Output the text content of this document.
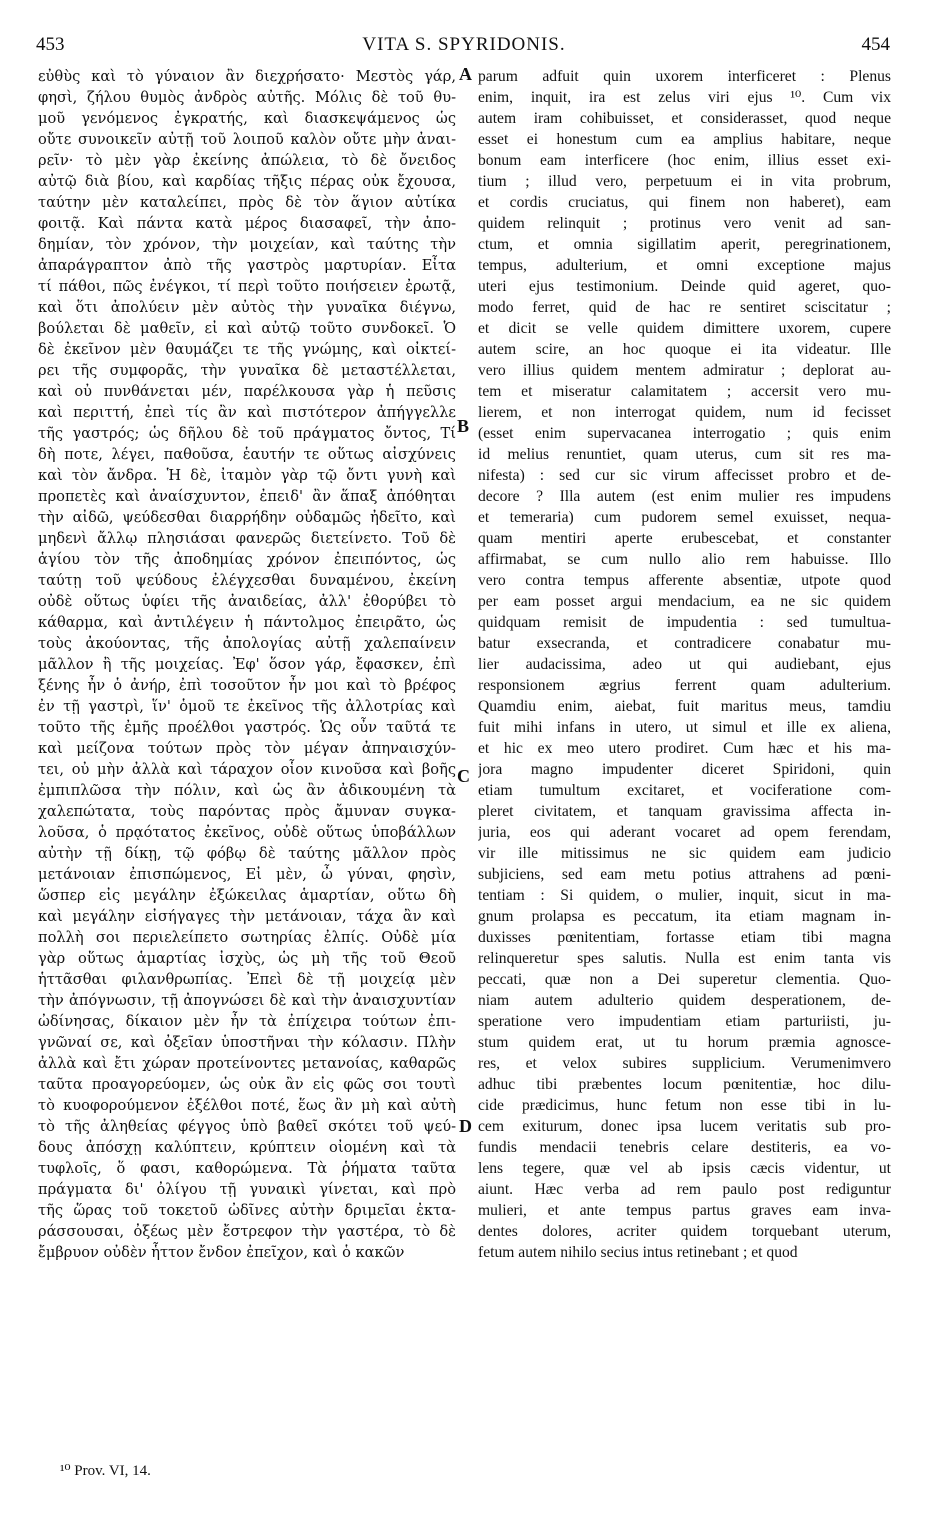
453	VITA S. SPYRIDONIS.	454
εὐθὺς καὶ τὸ γύναιον ἂν διεχρήσατο· Μεστὸς γάρ,
φησὶ, ζήλου θυμὸς ἀνδρὸς αὐτῆς. Μόλις δὲ τοῦ θυ-
μοῦ γενόμενος ἐγκρατής, καὶ διασκεψάμενος ὡς
οὔτε συνοικεῖν αὐτῇ τοῦ λοιποῦ καλὸν οὔτε μὴν ἀναι-
ρεῖν· τὸ μὲν γὰρ ἐκείνης ἀπώλεια, τὸ δὲ ὄνειδος
αὐτῷ διὰ βίου, καὶ καρδίας τῆξις πέρας οὐκ ἔχουσα,
ταύτην μὲν καταλείπει, πρὸς δὲ τὸν ἅγιον αὐτίκα
φοιτᾷ. Καὶ πάντα κατὰ μέρος διασαφεῖ, τὴν ἀπο-
δημίαν, τὸν χρόνον, τὴν μοιχείαν, καὶ ταύτης τὴν
ἀπαράγραπτον ἀπὸ τῆς γαστρὸς μαρτυρίαν. Εἶτα
τί πάθοι, πῶς ἐνέγκοι, τί περὶ τοῦτο ποιήσειεν ἐρωτᾷ,
καὶ ὅτι ἀπολύειν μὲν αὐτὸς τὴν γυναῖκα διέγνω,
βούλεται δὲ μαθεῖν, εἰ καὶ αὐτῷ τοῦτο συνδοκεῖ. Ὁ
δὲ ἐκεῖνον μὲν θαυμάζει τε τῆς γνώμης, καὶ οἰκτεί-
ρει τῆς συμφορᾶς, τὴν γυναῖκα δὲ μεταστέλλεται,
καὶ οὐ πυνθάνεται μέν, παρέλκουσα γὰρ ἡ πεῦσις
καὶ περιττή, ἐπεὶ τίς ἂν καὶ πιστότερον ἀπήγγελλε
τῆς γαστρός; ὡς δῆλου δὲ τοῦ πράγματος ὄντος, Τί
δὴ ποτε, λέγει, παθοῦσα, ἑαυτήν τε οὕτως αἰσχύνεις
καὶ τὸν ἄνδρα. Ἡ δὲ, ἰταμὸν γὰρ τῷ ὄντι γυνὴ καὶ
προπετὲς καὶ ἀναίσχυντον, ἐπειδ' ἂν ἅπαξ ἀπόθηται
τὴν αἰδῶ, ψεύδεσθαι διαρρήδην οὐδαμῶς ἠδεῖτο, καὶ
μηδενὶ ἄλλῳ πλησιάσαι φανερῶς διετείνετο. Τοῦ δὲ
ἁγίου τὸν τῆς ἀποδημίας χρόνον ἐπειπόντος, ὡς
ταύτῃ τοῦ ψεύδους ἐλέγχεσθαι δυναμένου, ἐκείνη
οὐδὲ οὕτως ὑφίει τῆς ἀναιδείας, ἀλλ' ἐθορύβει τὸ
κάθαρμα, καὶ ἀντιλέγειν ἡ πάντολμος ἐπειρᾶτο, ὡς
τοὺς ἀκούοντας, τῆς ἀπολογίας αὐτῇ χαλεπαίνειν
μᾶλλον ἢ τῆς μοιχείας. Ἐφ' ὅσον γάρ, ἔφασκεν, ἐπὶ
ξένης ἦν ὁ ἀνήρ, ἐπὶ τοσοῦτον ἦν μοι καὶ τὸ βρέφος
ἐν τῇ γαστρὶ, ἵν' ὁμοῦ τε ἐκεῖνος τῆς ἀλλοτρίας καὶ
τοῦτο τῆς ἐμῆς προέλθοι γαστρός. Ὡς οὖν ταῦτά τε
καὶ μείζονα τούτων πρὸς τὸν μέγαν ἀπηναισχύν-
τει, οὐ μὴν ἀλλὰ καὶ τάραχον οἷον κινοῦσα καὶ βοῆς
ἐμπιπλῶσα τὴν πόλιν, καὶ ὡς ἂν ἀδικουμένη τὰ
χαλεπώτατα, τοὺς παρόντας πρὸς ἄμυναν συγκα-
λοῦσα, ὁ πρᾳότατος ἐκεῖνος, οὐδὲ οὕτως ὑποβάλλων
αὐτὴν τῇ δίκῃ, τῷ φόβῳ δὲ ταύτης μᾶλλον πρὸς
μετάνοιαν ἐπισπώμενος, Εἰ μὲν, ὦ γύναι, φησὶν,
ὥσπερ εἰς μεγάλην ἐξώκειλας ἁμαρτίαν, οὕτω δὴ
καὶ μεγάλην εἰσήγαγες τὴν μετάνοιαν, τάχα ἂν καὶ
πολλὴ σοι περιελείπετο σωτηρίας ἐλπίς. Οὐδὲ μία
γὰρ οὕτως ἁμαρτίας ἰσχὺς, ὡς μὴ τῆς τοῦ Θεοῦ
ἡττᾶσθαι φιλανθρωπίας. Ἐπεὶ δὲ τῇ μοιχείᾳ μὲν
τὴν ἀπόγνωσιν, τῇ ἀπογνώσει δὲ καὶ τὴν ἀναισχυντίαν
ὠδίνησας, δίκαιον μὲν ἦν τὰ ἐπίχειρα τούτων ἐπι-
γνῶναί σε, καὶ ὀξεῖαν ὑποστῆναι τὴν κόλασιν. Πλὴν
ἀλλὰ καὶ ἔτι χώραν προτείνοντες μετανοίας, καθαρῶς
ταῦτα προαγορεύομεν, ὡς οὐκ ἂν εἰς φῶς σοι τουτὶ
τὸ κυοφορούμενον ἐξέλθοι ποτέ, ἕως ἂν μὴ καὶ αὐτὴ
τὸ τῆς ἀληθείας φέγγος ὑπὸ βαθεῖ σκότει τοῦ ψεύ-
δους ἀπόσχῃ καλύπτειν, κρύπτειν οἰομένη καὶ τὰ
τυφλοῖς, ὅ φασι, καθορώμενα. Τὰ ῥήματα ταῦτα
πράγματα δι' ὀλίγου τῇ γυναικὶ γίνεται, καὶ πρὸ
τῆς ὥρας τοῦ τοκετοῦ ὠδῖνες αὐτὴν δριμεῖαι ἐκτα-
ράσσουσαι, ὀξέως μὲν ἔστρεφον τὴν γαστέρα, τὸ δὲ
ἔμβρυον οὐδὲν ἧττον ἔνδον ἐπεῖχον, καὶ ὁ κακῶν
parum adfuit quin uxorem interficeret : Plenus
enim, inquit, ira est zelus viri ejus ¹⁰. Cum vix
autem iram cohibuisset, et considerasset, quod neque
esset ei honestum cum ea amplius habitare, neque
bonum eam interficere (hoc enim, illius esset exi-
tium ; illud vero, perpetuum ei in vita probrum,
et cordis cruciatus, qui finem non haberet), eam
quidem relinquit ; protinus vero venit ad san-
ctum, et omnia sigillatim aperit, peregrinationem,
tempus, adulterium, et omni exceptione majus
uteri ejus testimonium. Deinde quid ageret, quo-
modo ferret, quid de hac re sentiret sciscitatur ;
et dicit se velle quidem dimittere uxorem, cupere
autem scire, an hoc quoque ei ita videatur. Ille
vero illius quidem mentem admiratur ; deplorat au-
tem et miseratur calamitatem ; accersit vero mu-
lierem, et non interrogat quidem, num id fecisset
(esset enim supervacanea interrogatio ; quis enim
id melius renuntiet, quam uterus, cum sit res ma-
nifesta) : sed cur sic virum affecisset probro et de-
decore ? Illa autem (est enim mulier res impudens
et temeraria) cum pudorem semel exuisset, nequa-
quam mentiri aperte erubescebat, et constanter
affirmabat, se cum nullo alio rem habuisse. Illo
vero contra tempus afferente absentiæ, utpote quod
per eam posset argui mendacium, ea ne sic quidem
quidquam remisit de impudentia : sed tumultua-
batur exsecranda, et contradicere conabatur mu-
lier audacissima, adeo ut qui audiebant, ejus
responsionem ægrius ferrent quam adulterium.
Quamdiu enim, aiebat, fuit maritus meus, tamdiu
fuit mihi infans in utero, ut simul et ille ex aliena,
et hic ex meo utero prodiret. Cum hæc et his ma-
jora magno impudenter diceret Spiridoni, quin
etiam tumultum excitaret, et vociferatione com-
pleret civitatem, et tanquam gravissima affecta in-
juria, eos qui aderant vocaret ad opem ferendam,
vir ille mitissimus ne sic quidem eam judicio
subjiciens, sed eam metu potius attrahens ad pœni-
tentiam : Si quidem, o mulier, inquit, sicut in ma-
gnum prolapsa es peccatum, ita etiam magnam in-
duxisses pœnitentiam, fortasse etiam tibi magna
relinqueretur spes salutis. Nulla est enim tanta vis
peccati, quæ non a Dei superetur clementia. Quo-
niam autem adulterio quidem desperationem, de-
speratione vero impudentiam etiam parturiisti, ju-
stum quidem erat, ut tu horum præmia agnosce-
res, et velox subires supplicium. Verumenimvero
adhuc tibi præbentes locum pœnitentiæ, hoc dilu-
cide prædicimus, hunc fetum non esse tibi in lu-
cem exiturum, donec ipsa lucem veritatis sub pro-
fundis mendacii tenebris celare destiteris, ea vo-
lens tegere, quæ vel ab ipsis cæcis videntur, ut
aiunt. Hæc verba ad rem paulo post rediguntur
mulieri, et ante tempus partus graves eam inva-
dentes dolores, acriter quidem torquebant uterum,
fetum autem nihilo secius intus retinebant ; et quod
A
B
C
D
¹⁰ Prov. VI, 14.
